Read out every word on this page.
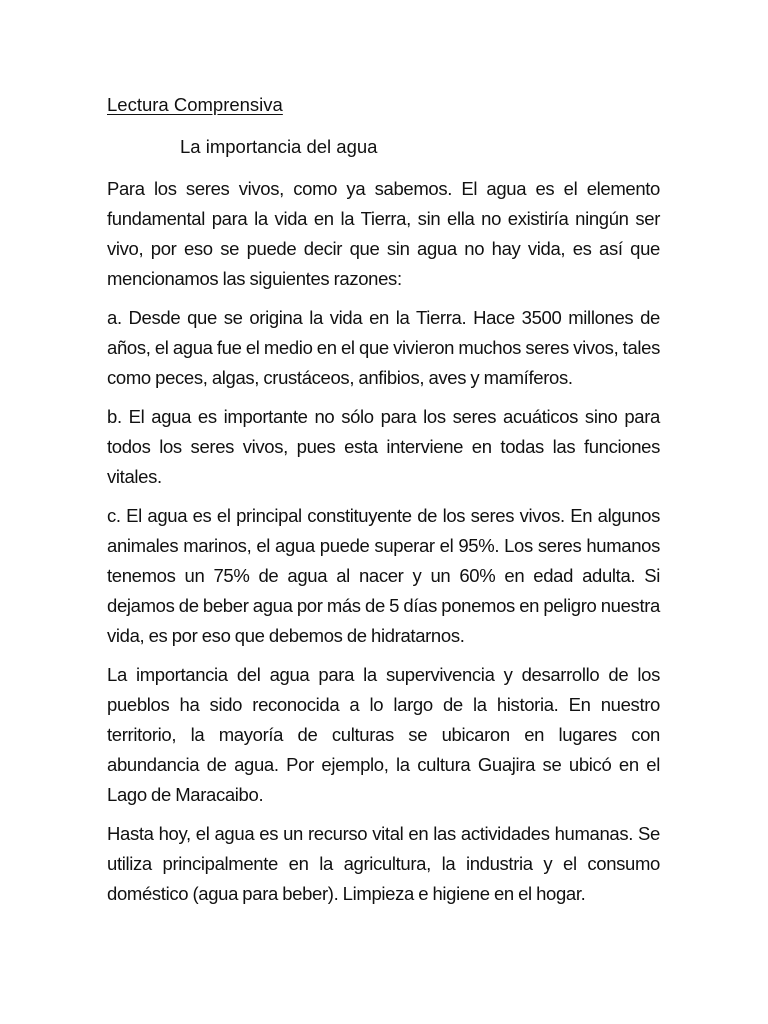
Lectura Comprensiva
La importancia del agua

Para los seres vivos, como ya sabemos. El agua es el elemento fundamental para la vida en la Tierra, sin ella no existiría ningún ser vivo, por eso se puede decir que sin agua no hay vida, es así que mencionamos las siguientes razones:

a. Desde que se origina la vida en la Tierra. Hace 3500 millones de años, el agua fue el medio en el que vivieron muchos seres vivos, tales como peces, algas, crustáceos, anfibios, aves y mamíferos.

b. El agua es importante no sólo para los seres acuáticos sino para todos los seres vivos, pues esta interviene en todas las funciones vitales.

c. El agua es el principal constituyente de los seres vivos. En algunos animales marinos, el agua puede superar el 95%. Los seres humanos tenemos un 75% de agua al nacer y un 60% en edad adulta. Si dejamos de beber agua por más de 5 días ponemos en peligro nuestra vida, es por eso que debemos de hidratarnos.

La importancia del agua para la supervivencia y desarrollo de los pueblos ha sido reconocida a lo largo de la historia. En nuestro territorio, la mayoría de culturas se ubicaron en lugares con abundancia de agua. Por ejemplo, la cultura Guajira se ubicó en el Lago de Maracaibo.

Hasta hoy, el agua es un recurso vital en las actividades humanas. Se utiliza principalmente en la agricultura, la industria y el consumo doméstico (agua para beber). Limpieza e higiene en el hogar.
